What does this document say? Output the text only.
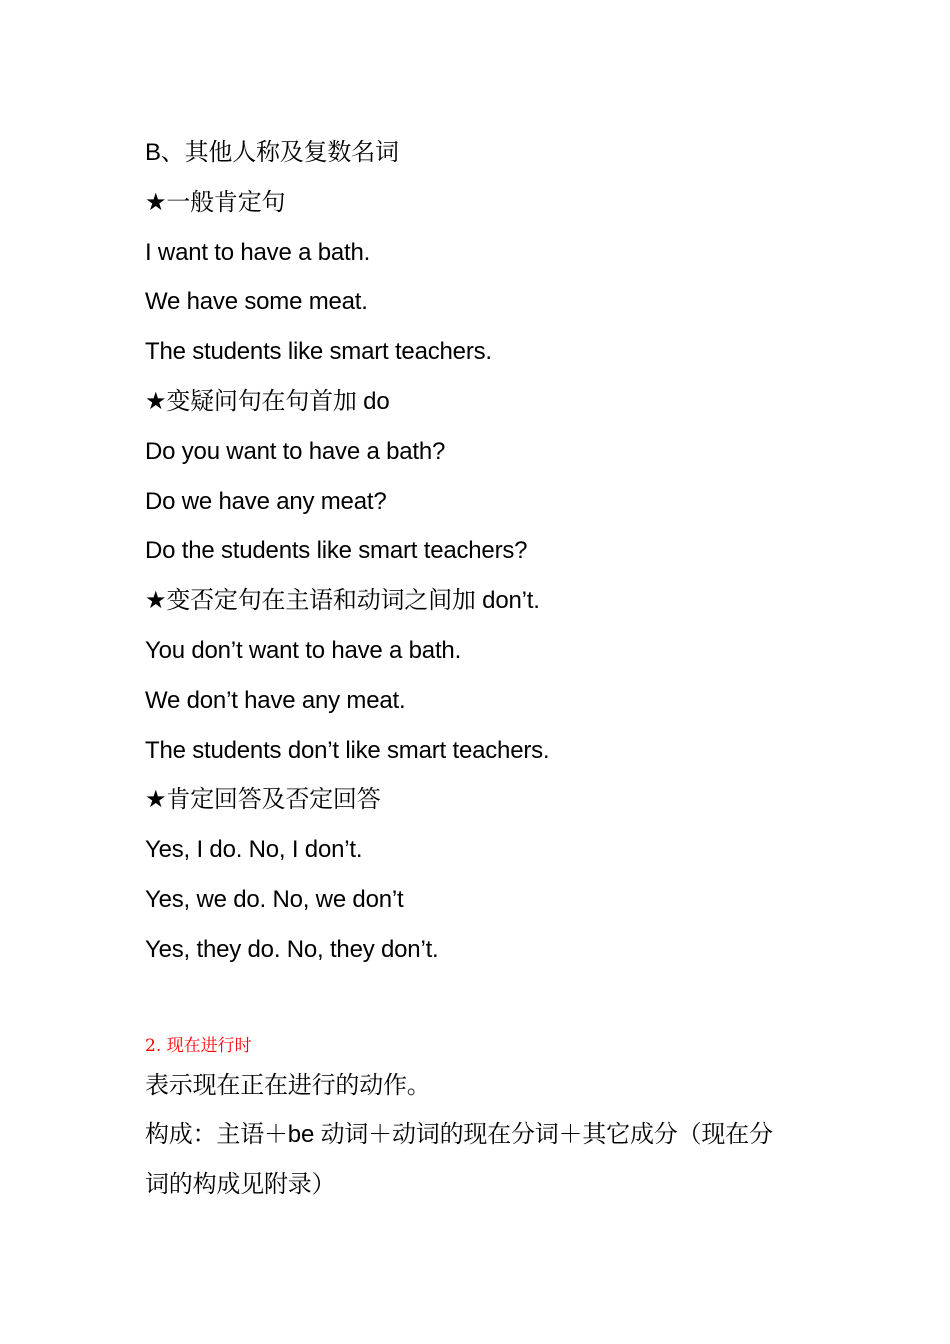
B、其他人称及复数名词
★一般肯定句
I want to have a bath.
We have some meat.
The students like smart teachers.
★变疑问句在句首加 do
Do you want to have a bath?
Do we have any meat?
Do the students like smart teachers?
★变否定句在主语和动词之间加 don’t.
You don’t want to have a bath.
We don’t have any meat.
The students don’t like smart teachers.
★肯定回答及否定回答
Yes, I do. No, I don’t.
Yes, we do. No, we don’t
Yes, they do. No, they don’t.
2. 现在进行时
表示现在正在进行的动作。
构成：主语＋be 动词＋动词的现在分词＋其它成分（现在分
词的构成见附录）
